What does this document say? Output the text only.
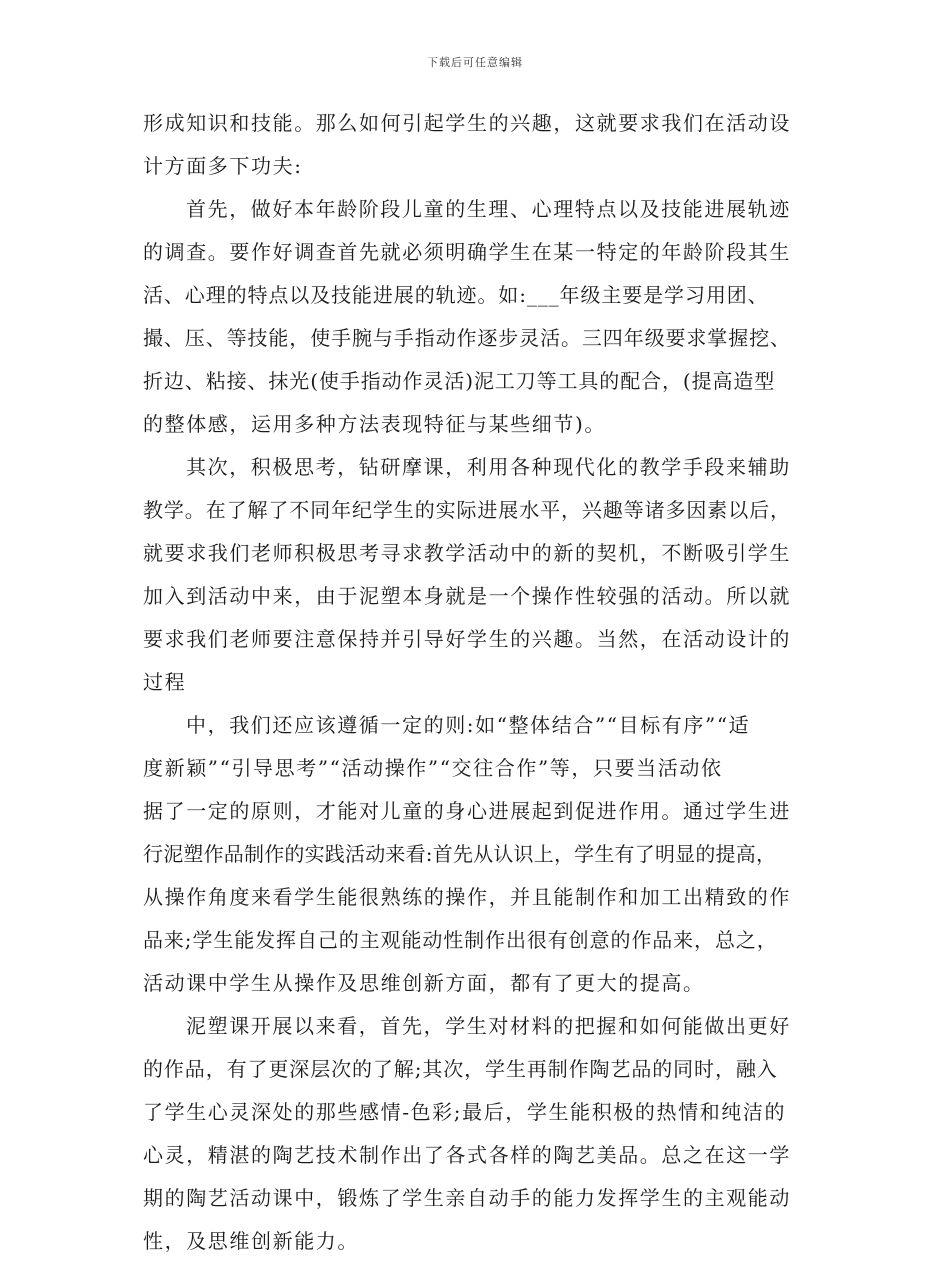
下载后可任意编辑
形成知识和技能。那么如何引起学生的兴趣，这就要求我们在活动设
计方面多下功夫:
首先，做好本年龄阶段儿童的生理、心理特点以及技能进展轨迹
的调查。要作好调查首先就必须明确学生在某一特定的年龄阶段其生
活、心理的特点以及技能进展的轨迹。如:___年级主要是学习用团、
撮、压、等技能，使手腕与手指动作逐步灵活。三四年级要求掌握挖、
折边、粘接、抹光(使手指动作灵活)泥工刀等工具的配合，(提高造型
的整体感，运用多种方法表现特征与某些细节)。
其次，积极思考，钻研摩课，利用各种现代化的教学手段来辅助
教学。在了解了不同年纪学生的实际进展水平，兴趣等诸多因素以后，
就要求我们老师积极思考寻求教学活动中的新的契机，不断吸引学生
加入到活动中来，由于泥塑本身就是一个操作性较强的活动。所以就
要求我们老师要注意保持并引导好学生的兴趣。当然，在活动设计的
过程
中，我们还应该遵循一定的则:如“整体结合”“目标有序”“适
度新颖”“引导思考”“活动操作”“交往合作”等，只要当活动依
据了一定的原则，才能对儿童的身心进展起到促进作用。通过学生进
行泥塑作品制作的实践活动来看:首先从认识上，学生有了明显的提高，
从操作角度来看学生能很熟练的操作，并且能制作和加工出精致的作
品来;学生能发挥自己的主观能动性制作出很有创意的作品来，总之，
活动课中学生从操作及思维创新方面，都有了更大的提高。
泥塑课开展以来看，首先，学生对材料的把握和如何能做出更好
的作品，有了更深层次的了解;其次，学生再制作陶艺品的同时，融入
了学生心灵深处的那些感情-色彩;最后，学生能积极的热情和纯洁的
心灵，精湛的陶艺技术制作出了各式各样的陶艺美品。总之在这一学
期的陶艺活动课中，锻炼了学生亲自动手的能力发挥学生的主观能动
性，及思维创新能力。
